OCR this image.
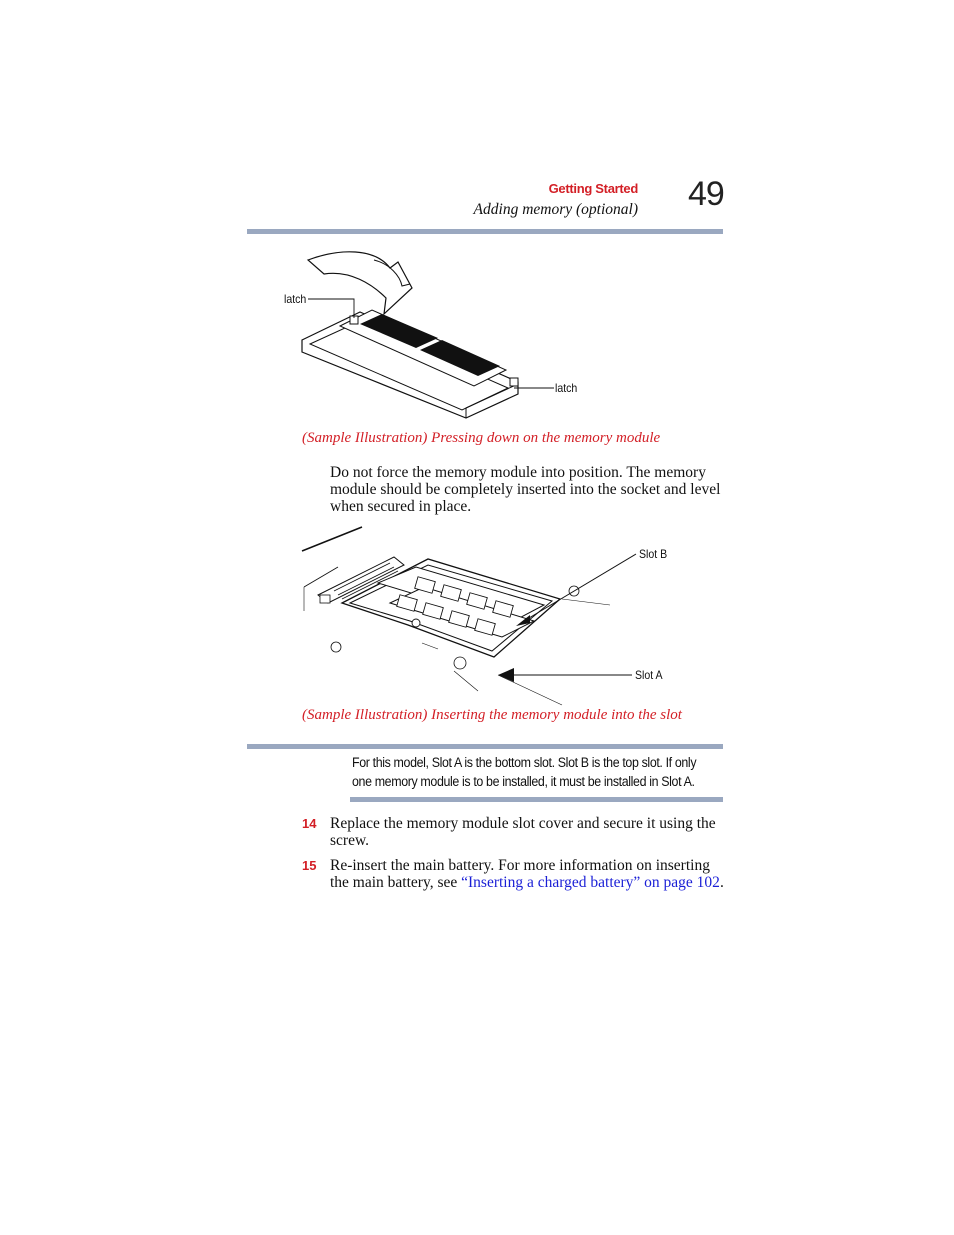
Getting Started
Adding memory (optional) 49
latch
latch
(Sample Illustration) Pressing down on the memory module
Do not force the memory module into position. The memory module should be completely inserted into the socket and level when secured in place.
Slot B
Slot A
(Sample Illustration) Inserting the memory module into the slot
For this model, Slot A is the bottom slot. Slot B is the top slot. If only
one memory module is to be installed, it must be installed in Slot A.
14 Replace the memory module slot cover and secure it using the
screw.
15 Re-insert the main battery. For more information on inserting
the main battery, see “Inserting a charged battery” on page 102.
